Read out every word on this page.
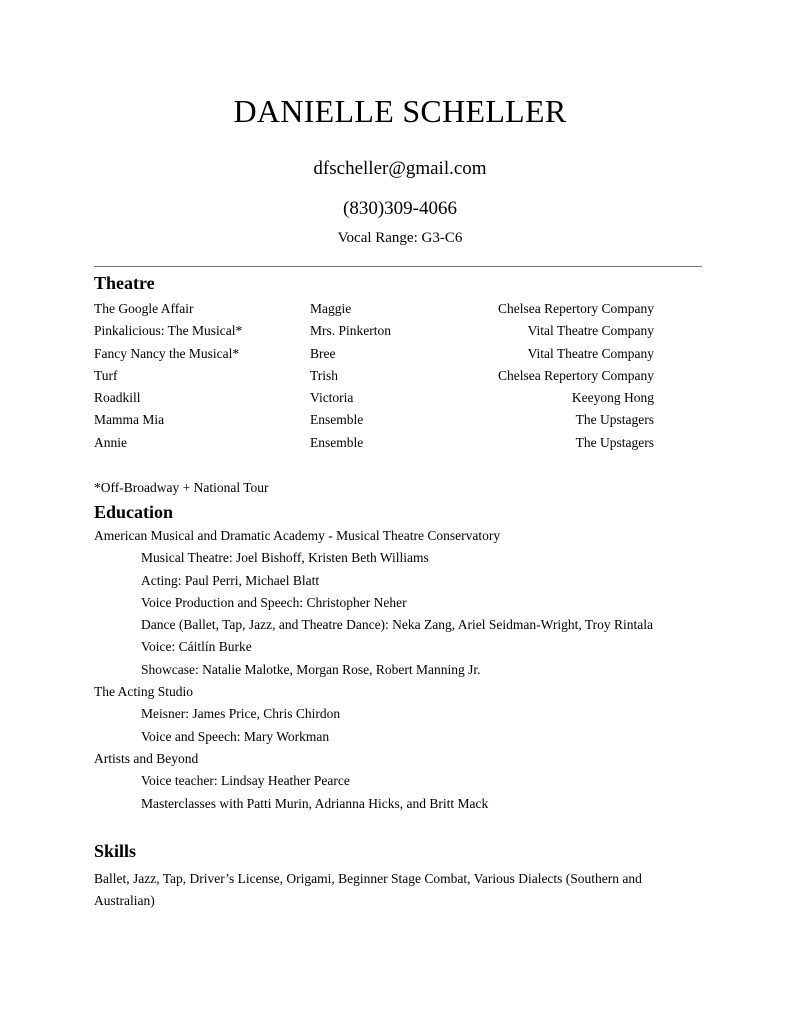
DANIELLE SCHELLER
dfscheller@gmail.com
(830)309-4066
Vocal Range: G3-C6
Theatre
The Google Affair	Maggie	Chelsea Repertory Company
Pinkalicious: The Musical*	Mrs. Pinkerton	Vital Theatre Company
Fancy Nancy the Musical*	Bree	Vital Theatre Company
Turf	Trish	Chelsea Repertory Company
Roadkill	Victoria	Keeyong Hong
Mamma Mia	Ensemble	The Upstagers
Annie	Ensemble	The Upstagers
*Off-Broadway + National Tour
Education
American Musical and Dramatic Academy - Musical Theatre Conservatory
Musical Theatre: Joel Bishoff, Kristen Beth Williams
Acting: Paul Perri, Michael Blatt
Voice Production and Speech: Christopher Neher
Dance (Ballet, Tap, Jazz, and Theatre Dance): Neka Zang, Ariel Seidman-Wright, Troy Rintala
Voice: Cáitlín Burke
Showcase: Natalie Malotke, Morgan Rose, Robert Manning Jr.
The Acting Studio
Meisner: James Price, Chris Chirdon
Voice and Speech: Mary Workman
Artists and Beyond
Voice teacher: Lindsay Heather Pearce
Masterclasses with Patti Murin, Adrianna Hicks, and Britt Mack
Skills
Ballet, Jazz, Tap, Driver’s License, Origami, Beginner Stage Combat, Various Dialects (Southern and Australian)
